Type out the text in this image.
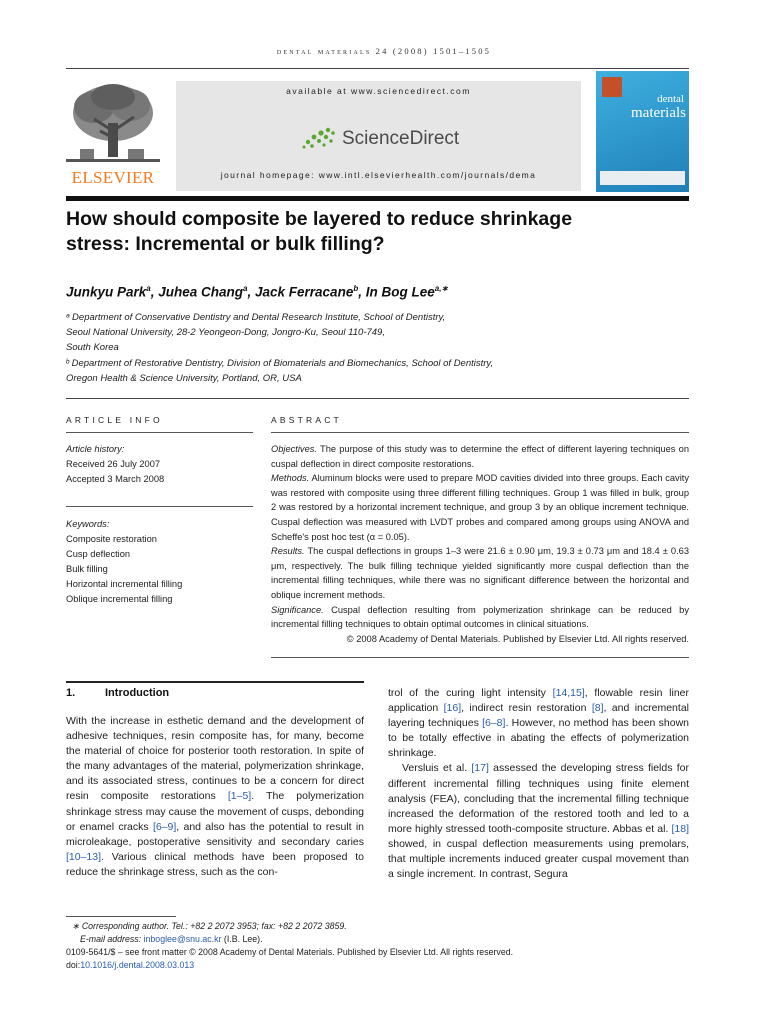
dental materials 24 (2008) 1501–1505
ELSEVIER
available at www.sciencedirect.com
ScienceDirect
journal homepage: www.intl.elsevierhealth.com/journals/dema
dental
materials
How should composite be layered to reduce shrinkage
stress: Incremental or bulk filling?
Junkyu Park$^a$, Juhea Chang$^a$, Jack Ferracane$^b$, In Bog Lee$^{a,∗}$
ᵃ Department of Conservative Dentistry and Dental Research Institute, School of Dentistry,
Seoul National University, 28-2 Yeongeon-Dong, Jongro-Ku, Seoul 110-749,
South Korea
ᵇ Department of Restorative Dentistry, Division of Biomaterials and Biomechanics, School of Dentistry,
Oregon Health & Science University, Portland, OR, USA
ARTICLE INFO
Article history:
Received 26 July 2007
Accepted 3 March 2008
Keywords:
Composite restoration
Cusp deflection
Bulk filling
Horizontal incremental filling
Oblique incremental filling
ABSTRACT

Objectives. The purpose of this study was to determine the effect of different layering techniques on cuspal deflection in direct composite restorations.

Methods. Aluminum blocks were used to prepare MOD cavities divided into three groups. Each cavity was restored with composite using three different filling techniques. Group 1 was filled in bulk, group 2 was restored by a horizontal increment technique, and group 3 by an oblique increment technique. Cuspal deflection was measured with LVDT probes and compared among groups using ANOVA and Scheffe's post hoc test (α = 0.05).

Results. The cuspal deflections in groups 1–3 were 21.6 ± 0.90 μm, 19.3 ± 0.73 μm and 18.4 ± 0.63 μm, respectively. The bulk filling technique yielded significantly more cuspal deflection than the incremental filling techniques, while there was no significant difference between the horizontal and oblique increment methods.

Significance. Cuspal deflection resulting from polymerization shrinkage can be reduced by incremental filling techniques to obtain optimal outcomes in clinical situations.

© 2008 Academy of Dental Materials. Published by Elsevier Ltd. All rights reserved.

1.	Introduction

With the increase in esthetic demand and the development of adhesive techniques, resin composite has, for many, become the material of choice for posterior tooth restoration. In spite of the many advantages of the material, polymerization shrinkage, and its associated stress, continues to be a concern for direct resin composite restorations [1–5]. The polymerization shrinkage stress may cause the movement of cusps, debonding or enamel cracks [6–9], and also has the potential to result in microleakage, postoperative sensitivity and secondary caries [10–13]. Various clinical methods have been proposed to reduce the shrinkage stress, such as the con-

trol of the curing light intensity [14,15], flowable resin liner application [16], indirect resin restoration [8], and incremental layering techniques [6–8]. However, no method has been shown to be totally effective in abating the effects of polymerization shrinkage.

Versluis et al. [17] assessed the developing stress fields for different incremental filling techniques using finite element analysis (FEA), concluding that the incremental filling technique increased the deformation of the restored tooth and led to a more highly stressed tooth-composite structure. Abbas et al. [18] showed, in cuspal deflection measurements using premolars, that multiple increments induced greater cuspal movement than a single increment. In contrast, Segura

∗ Corresponding author. Tel.: +82 2 2072 3953; fax: +82 2 2072 3859.
E-mail address: inboglee@snu.ac.kr (I.B. Lee).
0109-5641/$ – see front matter © 2008 Academy of Dental Materials. Published by Elsevier Ltd. All rights reserved.
doi:10.1016/j.dental.2008.03.013
